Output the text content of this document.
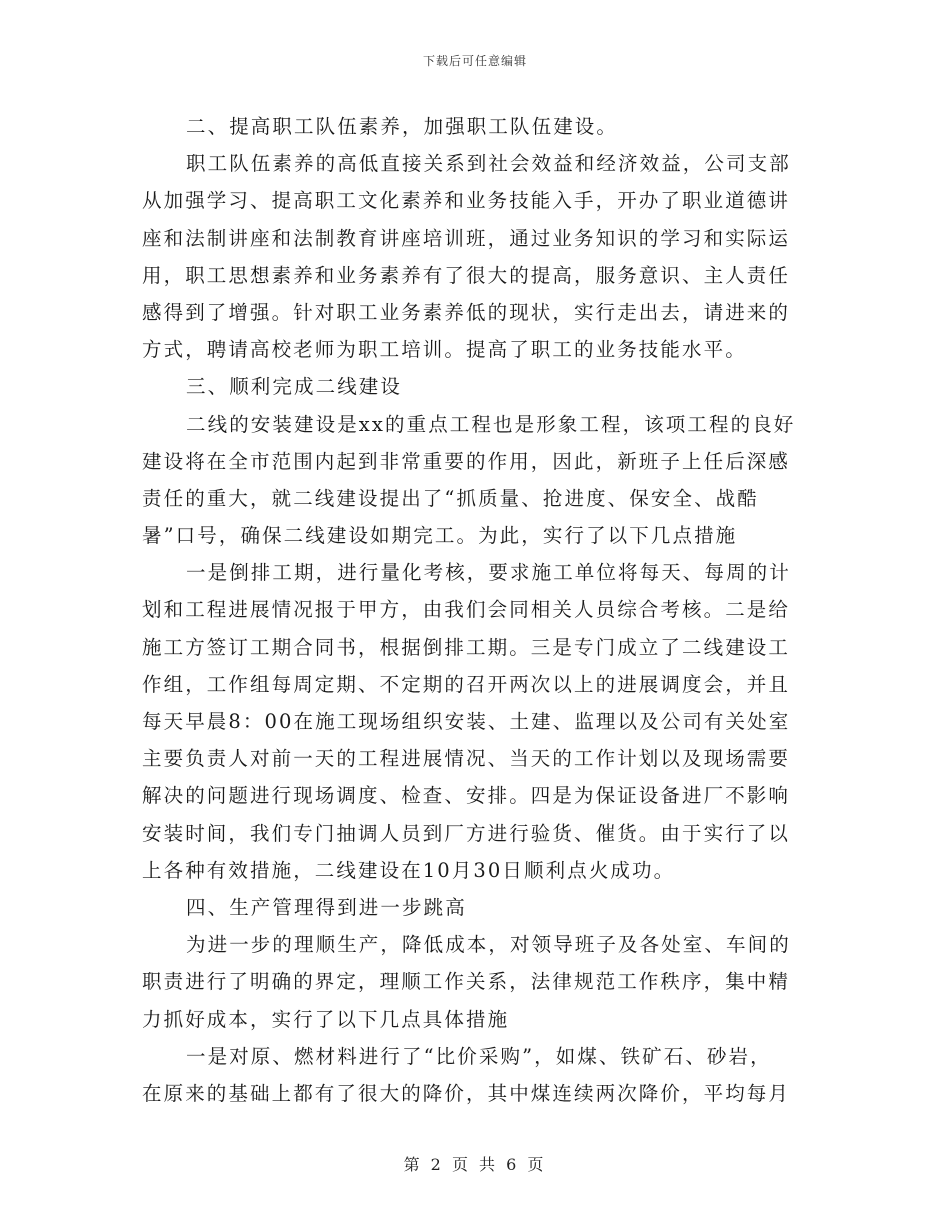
下载后可任意编辑
二、提高职工队伍素养，加强职工队伍建设。
职工队伍素养的高低直接关系到社会效益和经济效益，公司支部
从加强学习、提高职工文化素养和业务技能入手，开办了职业道德讲
座和法制讲座和法制教育讲座培训班，通过业务知识的学习和实际运
用，职工思想素养和业务素养有了很大的提高，服务意识、主人责任
感得到了增强。针对职工业务素养低的现状，实行走出去，请进来的
方式，聘请高校老师为职工培训。提高了职工的业务技能水平。
三、顺利完成二线建设
二线的安装建设是xx的重点工程也是形象工程，该项工程的良好
建设将在全市范围内起到非常重要的作用，因此，新班子上任后深感
责任的重大，就二线建设提出了“抓质量、抢进度、保安全、战酷
暑”口号，确保二线建设如期完工。为此，实行了以下几点措施
一是倒排工期，进行量化考核，要求施工单位将每天、每周的计
划和工程进展情况报于甲方，由我们会同相关人员综合考核。二是给
施工方签订工期合同书，根据倒排工期。三是专门成立了二线建设工
作组，工作组每周定期、不定期的召开两次以上的进展调度会，并且
每天早晨8：00在施工现场组织安装、土建、监理以及公司有关处室
主要负责人对前一天的工程进展情况、当天的工作计划以及现场需要
解决的问题进行现场调度、检查、安排。四是为保证设备进厂不影响
安装时间，我们专门抽调人员到厂方进行验货、催货。由于实行了以
上各种有效措施，二线建设在10月30日顺利点火成功。
四、生产管理得到进一步跳高
为进一步的理顺生产，降低成本，对领导班子及各处室、车间的
职责进行了明确的界定，理顺工作关系，法律规范工作秩序，集中精
力抓好成本，实行了以下几点具体措施
一是对原、燃材料进行了“比价采购”，如煤、铁矿石、砂岩，
在原来的基础上都有了很大的降价，其中煤连续两次降价，平均每月
第 2 页 共 6 页
